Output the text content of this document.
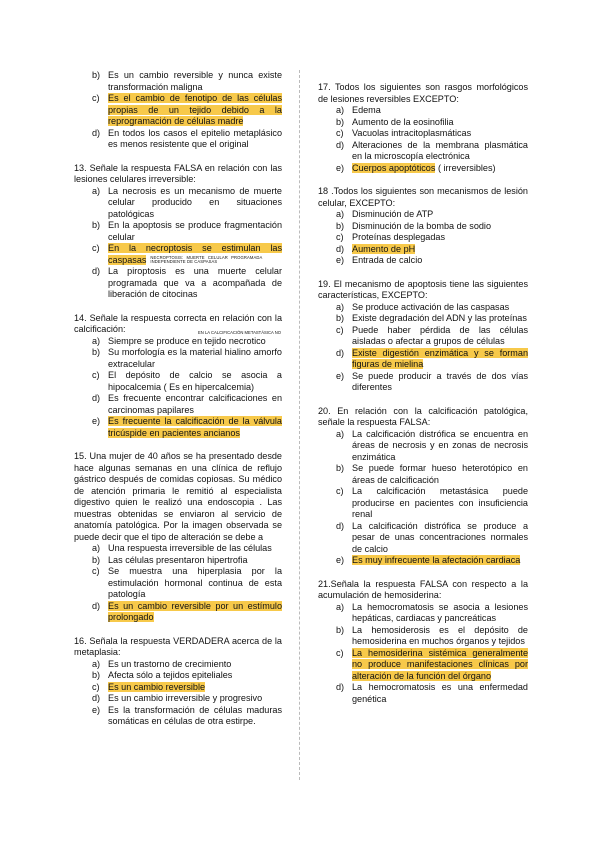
b) Es un cambio reversible y nunca existe transformación maligna
c) Es el cambio de fenotipo de las células propias de un tejido debido a la reprogramación de células madre
d) En todos los casos el epitelio metaplásico es menos resistente que el original
13. Señale la respuesta FALSA en relación con las lesiones celulares irreversible:
a) La necrosis es un mecanismo de muerte celular producido en situaciones patológicas
b) En la apoptosis se produce fragmentación celular
c) En la necroptosis se estimulan las caspasas NECROPTOSIS: MUERTE CELULAR PROGRAMADA INDEPENDIENTE DE CASPASAS
d) La piroptosis es una muerte celular programada que va a acompañada de liberación de citocinas
14. Señale la respuesta correcta en relación con la calcificación:	EN LA CALCIFICACIÓN METASTÁSICA NO
a) Siempre se produce en tejido necrotico
b) Su morfología es la material hialino amorfo extracelular
c) El depósito de calcio se asocia a hipocalcemia ( Es en hipercalcemia)
d) Es frecuente encontrar calcificaciones en carcinomas papilares
e) Es frecuente la calcificación de la válvula tricúspide en pacientes ancianos
15. Una mujer de 40 años se ha presentado desde hace algunas semanas en una clínica de reflujo gástrico después de comidas copiosas. Su médico de atención primaria le remitió al especialista digestivo quien le realizó una endoscopia . Las muestras obtenidas se enviaron al servicio de anatomía patológica. Por la imagen observada se puede decir que el tipo de alteración se debe a
a) Una respuesta irreversible de las células
b) Las células presentaron hipertrofia
c) Se muestra una hiperplasia por la estimulación hormonal continua de esta patología
d) Es un cambio reversible por un estímulo prolongado
16. Señala la respuesta VERDADERA acerca de la metaplasia:
a) Es un trastorno de crecimiento
b) Afecta sólo a tejidos epiteliales
c) Es un cambio reversible
d) Es un cambio irreversible y progresivo
e) Es la transformación de células maduras somáticas en células de otra estirpe.
17. Todos los siguientes son rasgos morfológicos de lesiones reversibles EXCEPTO:
a) Edema
b) Aumento de la eosinofilia
c) Vacuolas intracitoplasmáticas
d) Alteraciones de la membrana plasmática en la microscopía electrónica
e) Cuerpos apoptóticos ( irreversibles)
18 .Todos los siguientes son mecanismos de lesión celular, EXCEPTO:
a) Disminución de ATP
b) Disminución de la bomba de sodio
c) Proteínas desplegadas
d) Aumento de pH
e) Entrada de calcio
19. El mecanismo de apoptosis tiene las siguientes características, EXCEPTO:
a) Se produce activación de las caspasas
b) Existe degradación del ADN y las proteínas
c) Puede haber pérdida de las células aisladas o afectar a grupos de células
d) Existe digestión enzimática y se forman figuras de mielina
e) Se puede producir a través de dos vías diferentes
20. En relación con la calcificación patológica, señale la respuesta FALSA:
a) La calcificación distrófica se encuentra en áreas de necrosis y en zonas de necrosis enzimática
b) Se puede formar hueso heterotópico en áreas de calcificación
c) La calcificación metastásica puede producirse en pacientes con insuficiencia renal
d) La calcificación distrófica se produce a pesar de unas concentraciones normales de calcio
e) Es muy infrecuente la afectación cardiaca
21.Señala la respuesta FALSA con respecto a la acumulación de hemosiderina:
a) La hemocromatosis se asocia a lesiones hepáticas, cardiacas y pancreáticas
b) La hemosiderosis es el depósito de hemosiderina en muchos órganos y tejidos
c) La hemosiderina sistémica generalmente no produce manifestaciones clínicas por alteración de la función del órgano
d) La hemocromatosis es una enfermedad genética
